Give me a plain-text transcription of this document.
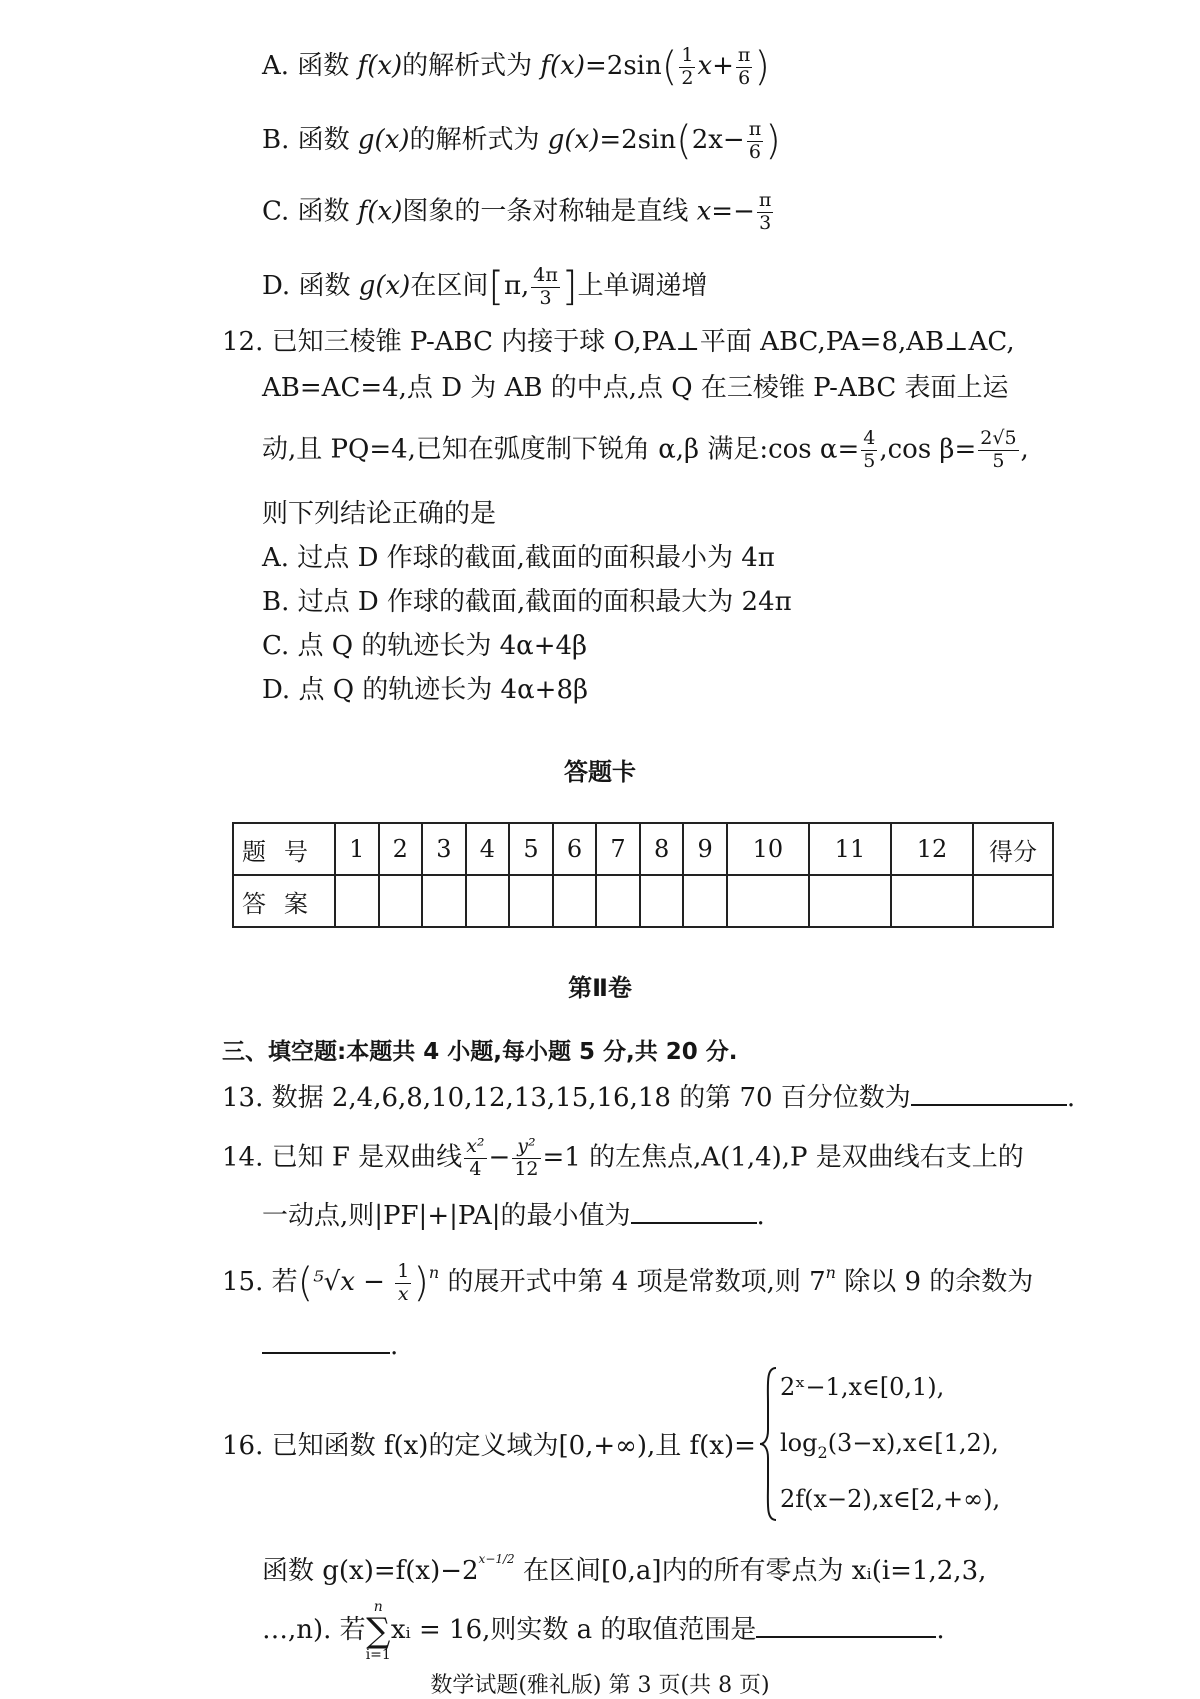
A. 函数 f(x)的解析式为 $f(x)=2\sin( \frac{1}{2} x+ \frac{\pi}{6}$ )
B. 函数 g(x)的解析式为 $g(x)=2\sin(2x- \frac{\pi}{6}$ )
C. 函数 f(x)图象的一条对称轴是直线 $x=- \frac{\pi}{3}$
D. 函数 g(x)在区间[π, $\frac{4\pi}{3}$ ]上单调递增
12. 已知三棱锥 P-ABC 内接于球 O,PA⊥平面 ABC,PA=8,AB⊥AC,
AB=AC=4,点 D 为 AB 的中点,点 Q 在三棱锥 P-ABC 表面上运
动,且 PQ=4,已知在弧度制下锐角 α,β 满足:cos $\alpha= \frac{4}{5} ,\cos$ $\beta= \frac{2√5}{5}$ ,
则下列结论正确的是
A. 过点 D 作球的截面,截面的面积最小为 4π
B. 过点 D 作球的截面,截面的面积最大为 24π
C. 点 Q 的轨迹长为 4α+4β
D. 点 Q 的轨迹长为 4α+8β
答题卡
题号	1	2	3	4	5	6	7	8	9	10	11	12	得分
答案													
第Ⅱ卷
三、填空题:本题共 4 小题,每小题 5 分,共 20 分.
13. 数据 2,4,6,8,10,12,13,15,16,18 的第 70 百分位数为	.
14. 已知 F 是双曲线 $\frac{\text{x²}}{4} - \frac{\text{y²}}{12} =1$ 的左焦点,A(1,4),P 是双曲线右支上的
一动点,则|PF|+|PA|的最小值为	.
15. 若$(^5√x - \frac{1}{x} )^n$ 的展开式中第 4 项是常数项,则 7$^n$ 除以 9 的余数为
.
16. 已知函数 f(x)的定义域为[0,+∞),且 f(x)=
2ˣ−1,x∈[0,1),
$\log_2(3-x),x\in[1,2)$,
2f(x−2),x∈[2,+∞),
函数 $g(x)=f(x)-2^{x-1/2}$ 在区间[0,a]内的所有零点为 xᵢ(i=1,2,3,
…,n). 若
n
∑
i=1
xᵢ = 16,则实数 a 的取值范围是	.
数学试题(雅礼版) 第 3 页(共 8 页)
